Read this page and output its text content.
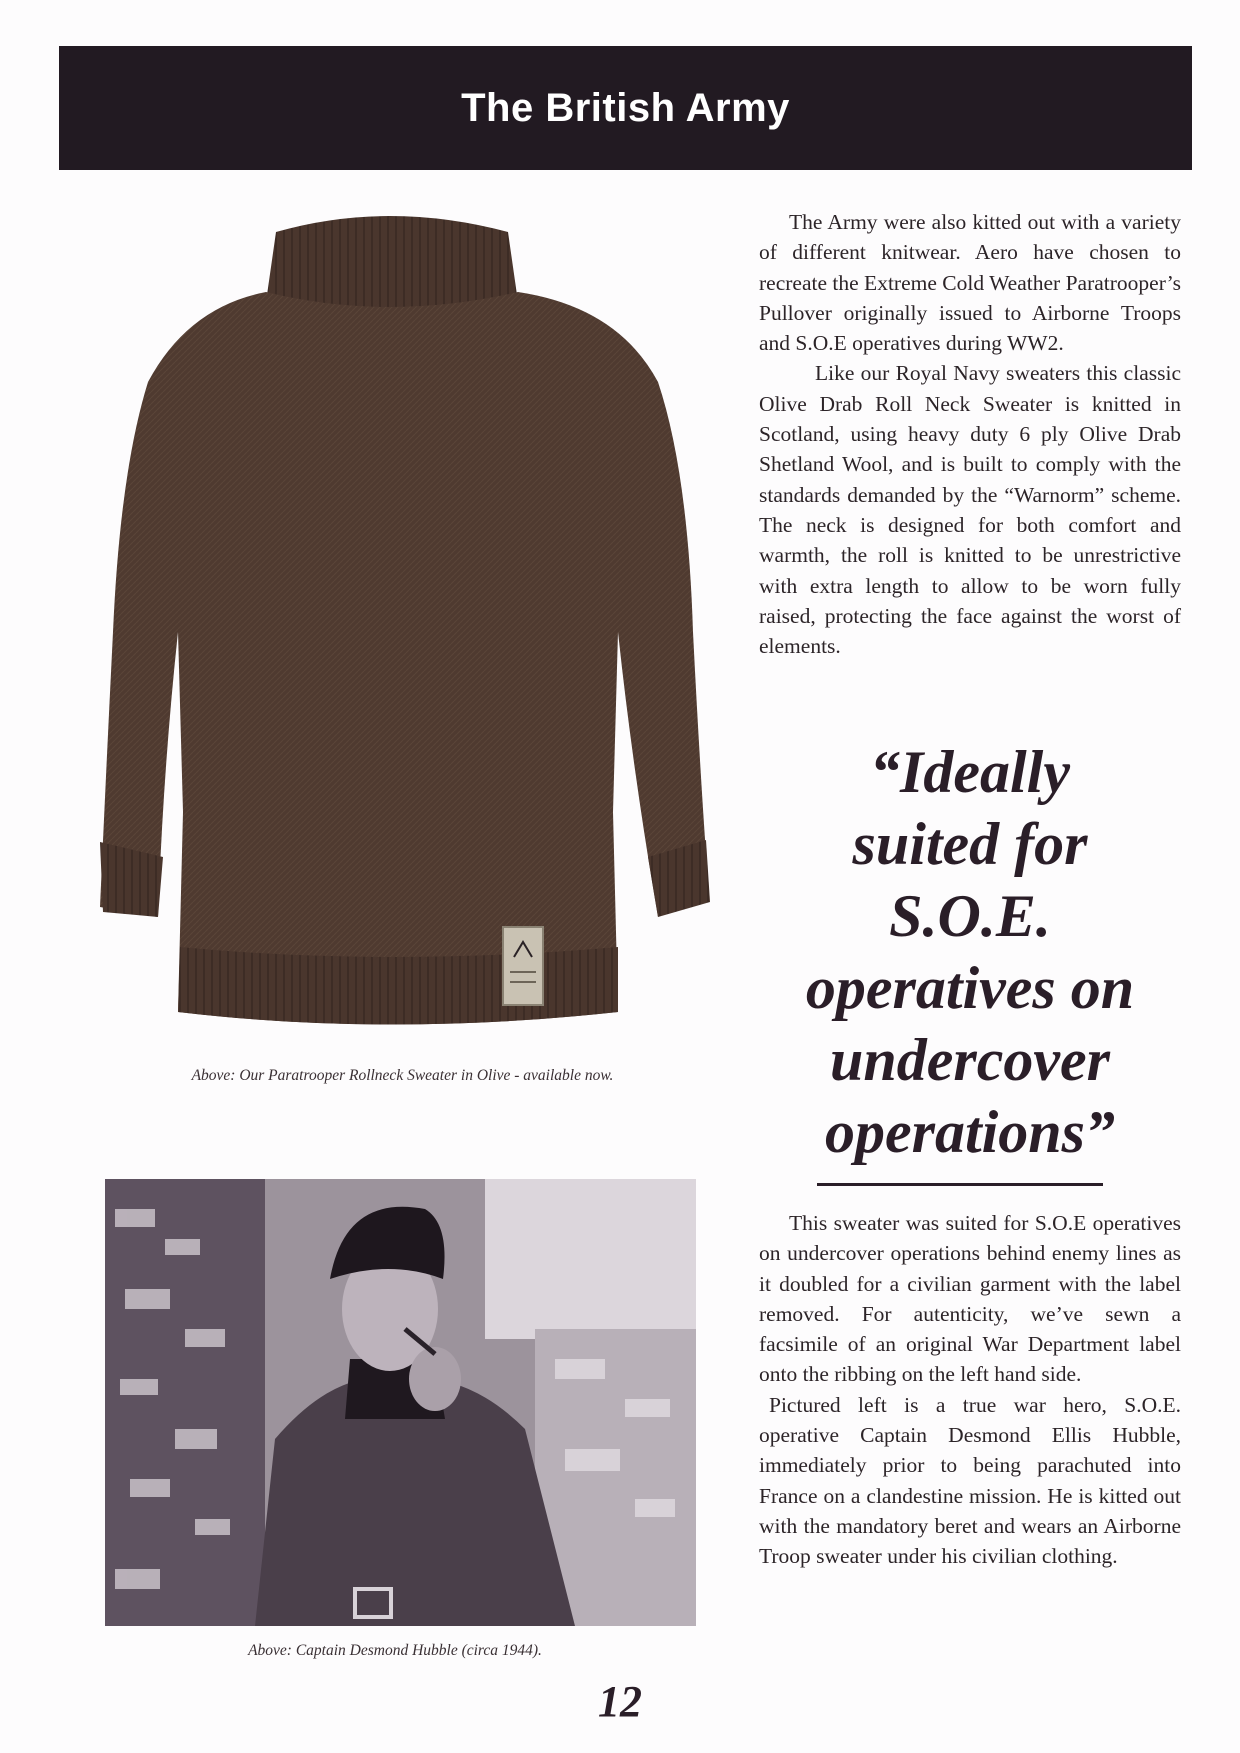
The British Army
Above: Our Paratrooper Rollneck Sweater in Olive - available now.
Above: Captain Desmond Hubble (circa 1944).

The Army were also kitted out with a variety of different knitwear. Aero have chosen to recreate the Extreme Cold Weather Paratrooper’s Pullover originally issued to Airborne Troops and S.O.E operatives during WW2.

Like our Royal Navy sweaters this classic Olive Drab Roll Neck Sweater is knitted in Scotland, using heavy duty 6 ply Olive Drab Shetland Wool, and is built to comply with the standards demanded by the “Warnorm” scheme. The neck is designed for both comfort and warmth, the roll is knitted to be unrestrictive with extra length to allow to be worn fully raised, protecting the face against the worst of elements.

“Ideally
suited for
S.O.E.
operatives on
undercover
operations”

This sweater was suited for S.O.E operatives on undercover operations behind enemy lines as it doubled for a civilian garment with the label removed. For autenticity, we’ve sewn a facsimile of an original War Department label onto the ribbing on the left hand side.

Pictured left is a true war hero, S.O.E. operative Captain Desmond Ellis Hubble, immediately prior to being parachuted into France on a clandestine mission. He is kitted out with the mandatory beret and wears an Airborne Troop sweater under his civilian clothing.

12
